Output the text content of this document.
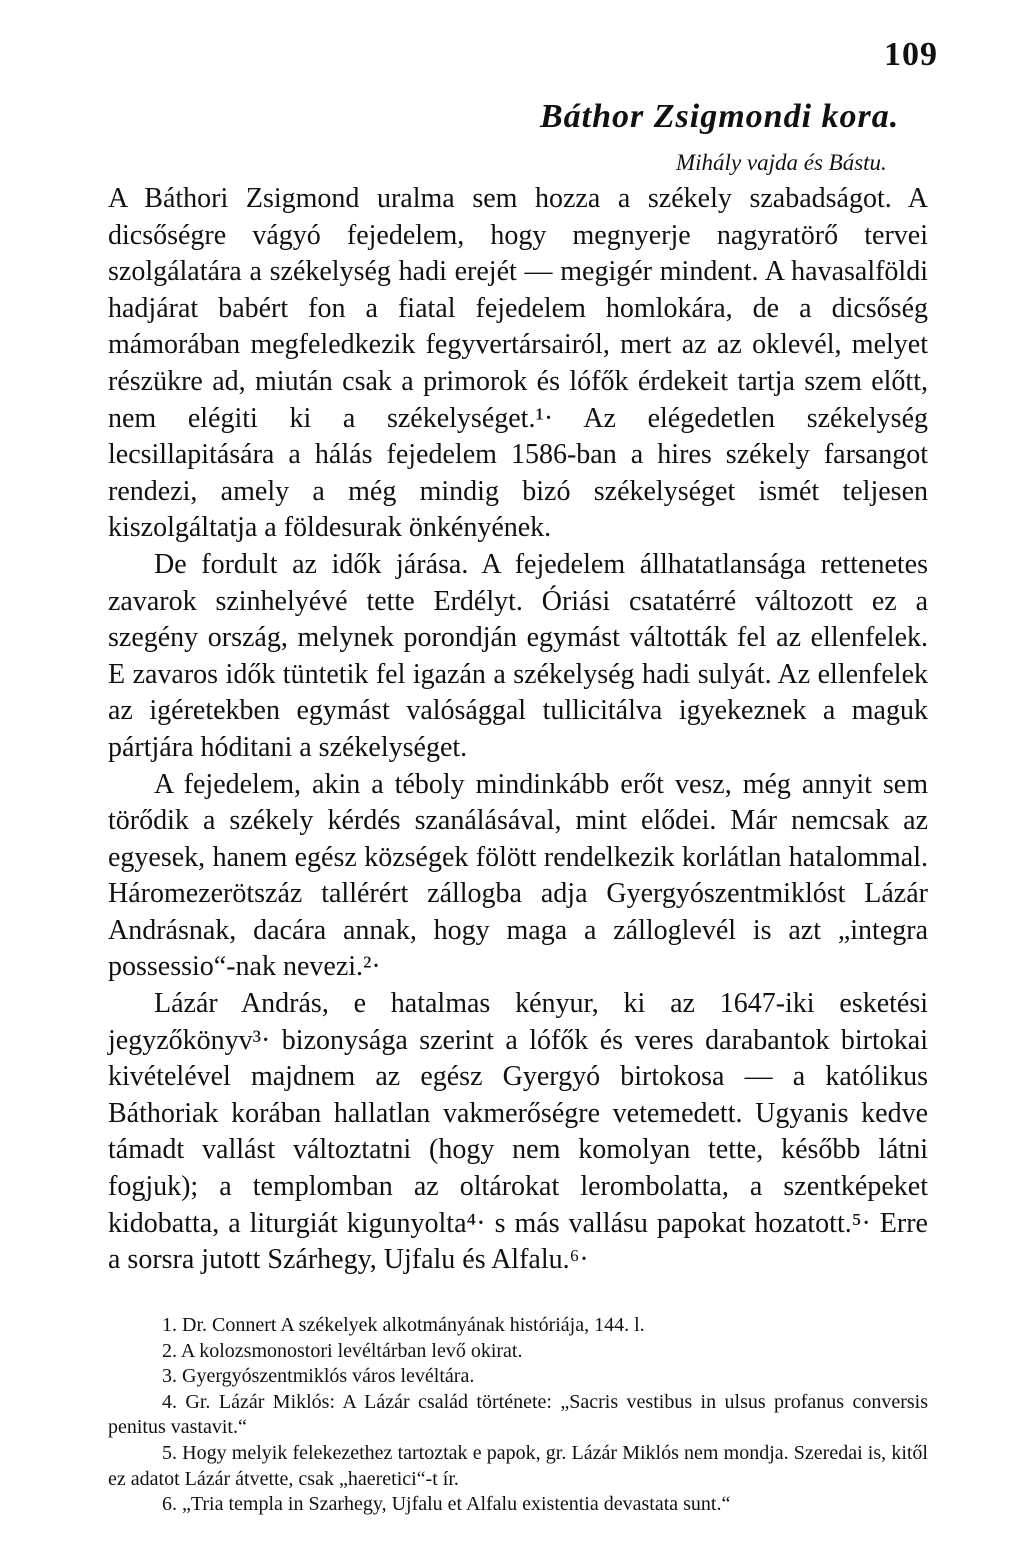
109
Báthor Zsigmondi kora.
Mihály vajda és Bástu.

A Báthori Zsigmond uralma sem hozza a székely szabadságot. A dicsőségre vágyó fejedelem, hogy megnyerje nagyratörő tervei szolgálatára a székelység hadi erejét — megigér mindent. A havasalföldi hadjárat babért fon a fiatal fejedelem homlokára, de a dicsőség mámorában megfeledkezik fegyvertársairól, mert az az oklevél, melyet részükre ad, miután csak a primorok és lófők érdekeit tartja szem előtt, nem elégiti ki a székelységet.¹· Az elégedetlen székelység lecsillapitására a hálás fejedelem 1586-ban a hires székely farsangot rendezi, amely a még mindig bizó székelységet ismét teljesen kiszolgáltatja a földesurak önkényének.

De fordult az idők járása. A fejedelem állhatatlansága rettenetes zavarok szinhelyévé tette Erdélyt. Óriási csatatérré változott ez a szegény ország, melynek porondján egymást váltották fel az ellenfelek. E zavaros idők tüntetik fel igazán a székelység hadi sulyát. Az ellenfelek az igéretekben egymást valósággal tullicitálva igyekeznek a maguk pártjára hóditani a székelységet.

A fejedelem, akin a téboly mindinkább erőt vesz, még annyit sem törődik a székely kérdés szanálásával, mint elődei. Már nemcsak az egyesek, hanem egész községek fölött rendelkezik korlátlan hatalommal. Háromezerötszáz tallérért zállogba adja Gyergyószentmiklóst Lázár Andrásnak, dacára annak, hogy maga a zálloglevél is azt „integra possessio“-nak nevezi.²·

Lázár András, e hatalmas kényur, ki az 1647-iki esketési jegyzőkönyv³· bizonysága szerint a lófők és veres darabantok birtokai kivételével majdnem az egész Gyergyó birtokosa — a katólikus Báthoriak korában hallatlan vakmerőségre vetemedett. Ugyanis kedve támadt vallást változtatni (hogy nem komolyan tette, később látni fogjuk); a templomban az oltárokat lerombolatta, a szentképeket kidobatta, a liturgiát kigunyolta⁴· s más vallásu papokat hozatott.⁵· Erre a sorsra jutott Szárhegy, Ujfalu és Alfalu.⁶·

1. Dr. Connert A székelyek alkotmányának históriája, 144. l.

2. A kolozsmonostori levéltárban levő okirat.

3. Gyergyószentmiklós város levéltára.

4. Gr. Lázár Miklós: A Lázár család története: „Sacris vestibus in ulsus profanus conversis penitus vastavit.“

5. Hogy melyik felekezethez tartoztak e papok, gr. Lázár Miklós nem mondja. Szeredai is, kitől ez adatot Lázár átvette, csak „haeretici“-t ír.

6. „Tria templa in Szarhegy, Ujfalu et Alfalu existentia devastata sunt.“
